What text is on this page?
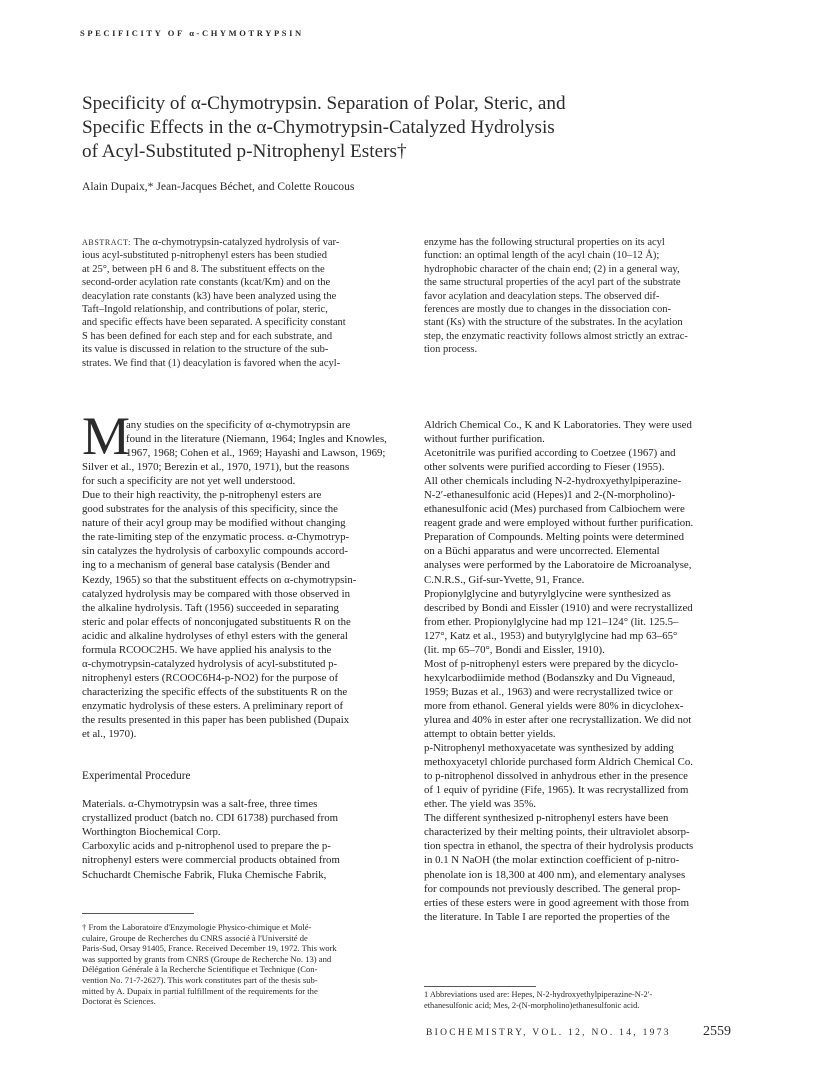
SPECIFICITY OF α-CHYMOTRYPSIN
Specificity of α-Chymotrypsin. Separation of Polar, Steric, and
Specific Effects in the α-Chymotrypsin-Catalyzed Hydrolysis
of Acyl-Substituted p-Nitrophenyl Esters†
Alain Dupaix,* Jean-Jacques Béchet, and Colette Roucous
ABSTRACT: The α-chymotrypsin-catalyzed hydrolysis of var-
ious acyl-substituted p-nitrophenyl esters has been studied
at 25°, between pH 6 and 8. The substituent effects on the
second-order acylation rate constants (kcat/Km) and on the
deacylation rate constants (k3) have been analyzed using the
Taft–Ingold relationship, and contributions of polar, steric,
and specific effects have been separated. A specificity constant
S has been defined for each step and for each substrate, and
its value is discussed in relation to the structure of the sub-
strates. We find that (1) deacylation is favored when the acyl-
enzyme has the following structural properties on its acyl
function: an optimal length of the acyl chain (10–12 Å);
hydrophobic character of the chain end; (2) in a general way,
the same structural properties of the acyl part of the substrate
favor acylation and deacylation steps. The observed dif-
ferences are mostly due to changes in the dissociation con-
stant (Ks) with the structure of the substrates. In the acylation
step, the enzymatic reactivity follows almost strictly an extrac-
tion process.
M
any studies on the specificity of α-chymotrypsin are
found in the literature (Niemann, 1964; Ingles and Knowles,
1967, 1968; Cohen et al., 1969; Hayashi and Lawson, 1969;
Silver et al., 1970; Berezin et al., 1970, 1971), but the reasons
for such a specificity are not yet well understood.
Due to their high reactivity, the p-nitrophenyl esters are
good substrates for the analysis of this specificity, since the
nature of their acyl group may be modified without changing
the rate-limiting step of the enzymatic process. α-Chymotryp-
sin catalyzes the hydrolysis of carboxylic compounds accord-
ing to a mechanism of general base catalysis (Bender and
Kezdy, 1965) so that the substituent effects on α-chymotrypsin-
catalyzed hydrolysis may be compared with those observed in
the alkaline hydrolysis. Taft (1956) succeeded in separating
steric and polar effects of nonconjugated substituents R on the
acidic and alkaline hydrolyses of ethyl esters with the general
formula RCOOC2H5. We have applied his analysis to the
α-chymotrypsin-catalyzed hydrolysis of acyl-substituted p-
nitrophenyl esters (RCOOC6H4-p-NO2) for the purpose of
characterizing the specific effects of the substituents R on the
enzymatic hydrolysis of these esters. A preliminary report of
the results presented in this paper has been published (Dupaix
et al., 1970).

Experimental Procedure

Materials. α-Chymotrypsin was a salt-free, three times
crystallized product (batch no. CDI 61738) purchased from
Worthington Biochemical Corp.
Carboxylic acids and p-nitrophenol used to prepare the p-
nitrophenyl esters were commercial products obtained from
Schuchardt Chemische Fabrik, Fluka Chemische Fabrik,
Aldrich Chemical Co., K and K Laboratories. They were used
without further purification.
Acetonitrile was purified according to Coetzee (1967) and
other solvents were purified according to Fieser (1955).
All other chemicals including N-2-hydroxyethylpiperazine-
N-2′-ethanesulfonic acid (Hepes)1 and 2-(N-morpholino)-
ethanesulfonic acid (Mes) purchased from Calbiochem were
reagent grade and were employed without further purification.
Preparation of Compounds. Melting points were determined
on a Büchi apparatus and were uncorrected. Elemental
analyses were performed by the Laboratoire de Microanalyse,
C.N.R.S., Gif-sur-Yvette, 91, France.
Propionylglycine and butyrylglycine were synthesized as
described by Bondi and Eissler (1910) and were recrystallized
from ether. Propionylglycine had mp 121–124° (lit. 125.5–
127°, Katz et al., 1953) and butyrylglycine had mp 63–65°
(lit. mp 65–70°, Bondi and Eissler, 1910).
Most of p-nitrophenyl esters were prepared by the dicyclo-
hexylcarbodiimide method (Bodanszky and Du Vigneaud,
1959; Buzas et al., 1963) and were recrystallized twice or
more from ethanol. General yields were 80% in dicyclohex-
ylurea and 40% in ester after one recrystallization. We did not
attempt to obtain better yields.
p-Nitrophenyl methoxyacetate was synthesized by adding
methoxyacetyl chloride purchased form Aldrich Chemical Co.
to p-nitrophenol dissolved in anhydrous ether in the presence
of 1 equiv of pyridine (Fife, 1965). It was recrystallized from
ether. The yield was 35%.
The different synthesized p-nitrophenyl esters have been
characterized by their melting points, their ultraviolet absorp-
tion spectra in ethanol, the spectra of their hydrolysis products
in 0.1 N NaOH (the molar extinction coefficient of p-nitro-
phenolate ion is 18,300 at 400 nm), and elementary analyses
for compounds not previously described. The general prop-
erties of these esters were in good agreement with those from
the literature. In Table I are reported the properties of the
† From the Laboratoire d'Enzymologie Physico-chimique et Molé-
culaire, Groupe de Recherches du CNRS associé à l'Université de
Paris-Sud, Orsay 91405, France. Received December 19, 1972. This work
was supported by grants from CNRS (Groupe de Recherche No. 13) and
Délégation Générale à la Recherche Scientifique et Technique (Con-
vention No. 71-7-2627). This work constitutes part of the thesis sub-
mitted by A. Dupaix in partial fulfillment of the requirements for the
Doctorat ès Sciences.
1 Abbreviations used are: Hepes, N-2-hydroxyethylpiperazine-N-2′-
ethanesulfonic acid; Mes, 2-(N-morpholino)ethanesulfonic acid.
BIOCHEMISTRY, VOL. 12, NO. 14, 1973 2559
